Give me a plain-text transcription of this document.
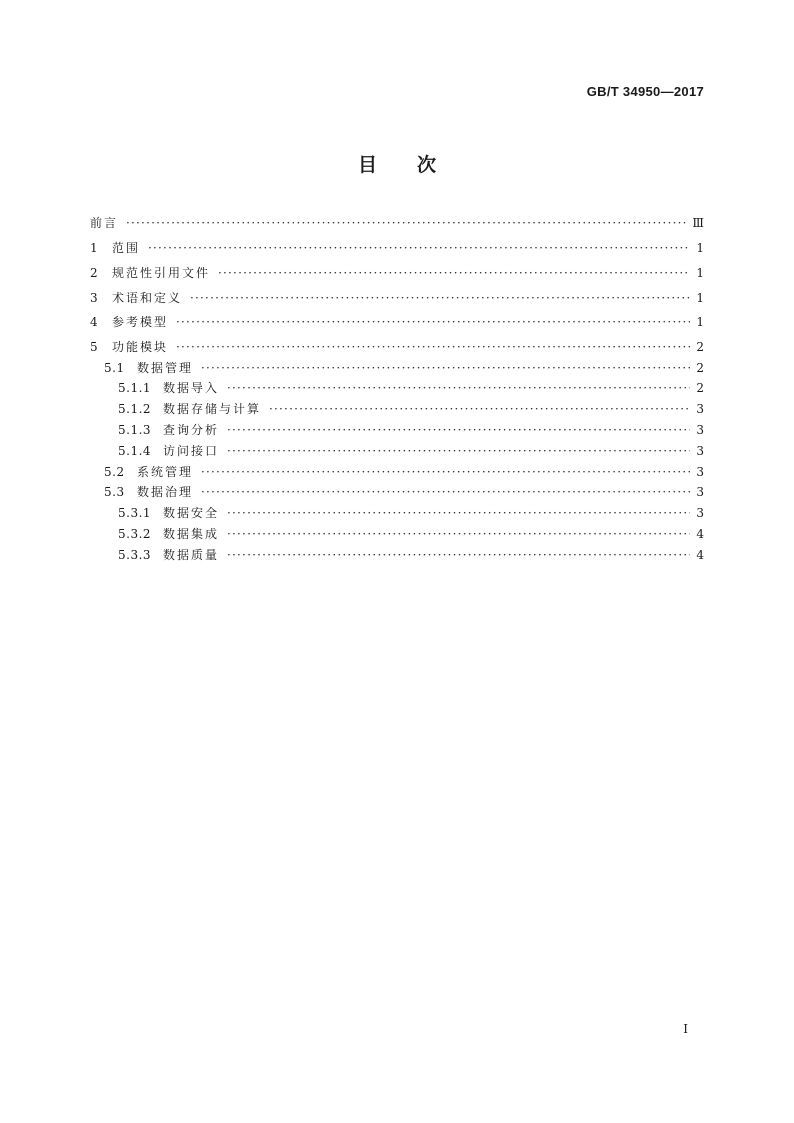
GB/T 34950—2017
目次
前言 ·····	Ⅲ
1	范围 ·····	1
2	规范性引用文件 ·····	1
3	术语和定义 ·····	1
4	参考模型 ·····	1
5	功能模块 ·····	2
5.1	数据管理 ·····	2
5.1.1 数据导入 ·····	2
5.1.2 数据存储与计算 ·····	3
5.1.3 查询分析 ·····	3
5.1.4 访问接口 ·····	3
5.2	系统管理 ·····	3
5.3	数据治理 ·····	3
5.3.1 数据安全 ·····	3
5.3.2 数据集成 ·····	4
5.3.3 数据质量 ·····	4
I
